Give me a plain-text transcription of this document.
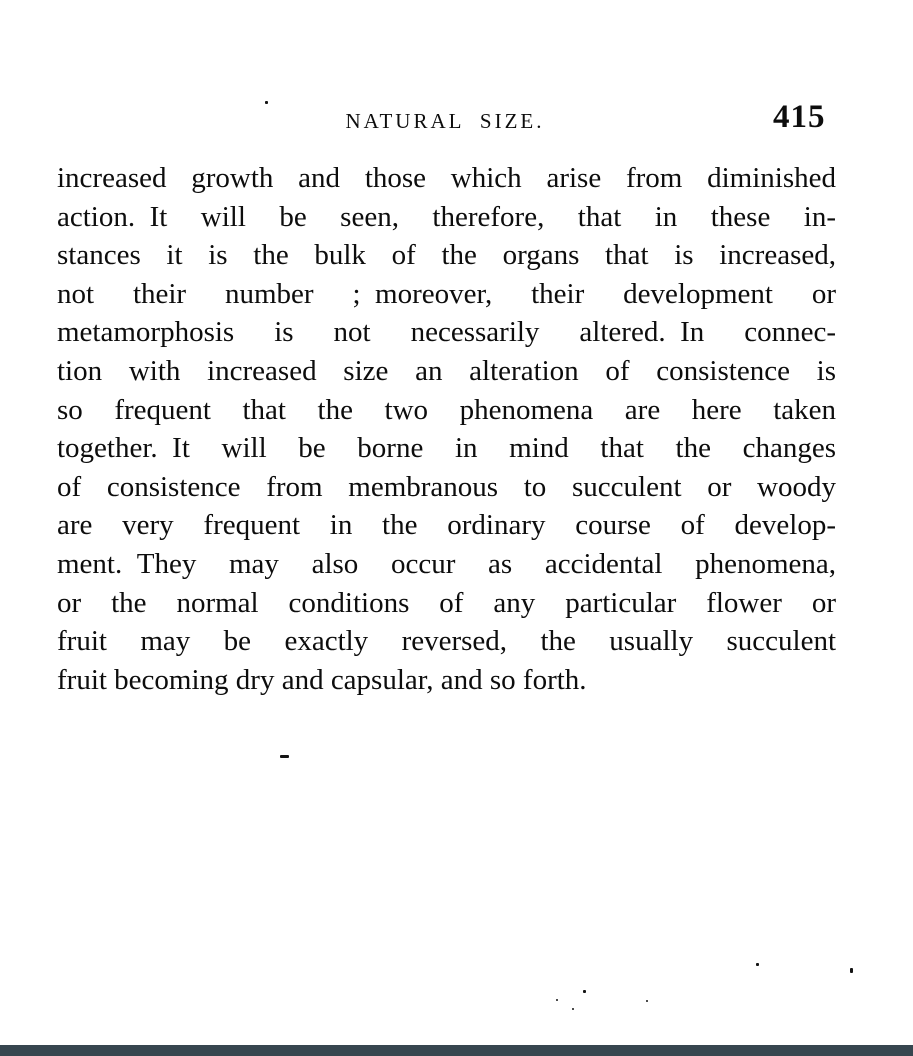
NATURAL SIZE.	415
increased growth and those which arise from diminished
action. It will be seen, therefore, that in these in-
stances it is the bulk of the organs that is increased,
not their number ; moreover, their development or
metamorphosis is not necessarily altered. In connec-
tion with increased size an alteration of consistence is
so frequent that the two phenomena are here taken
together. It will be borne in mind that the changes
of consistence from membranous to succulent or woody
are very frequent in the ordinary course of develop-
ment. They may also occur as accidental phenomena,
or the normal conditions of any particular flower or
fruit may be exactly reversed, the usually succulent
fruit becoming dry and capsular, and so forth.
